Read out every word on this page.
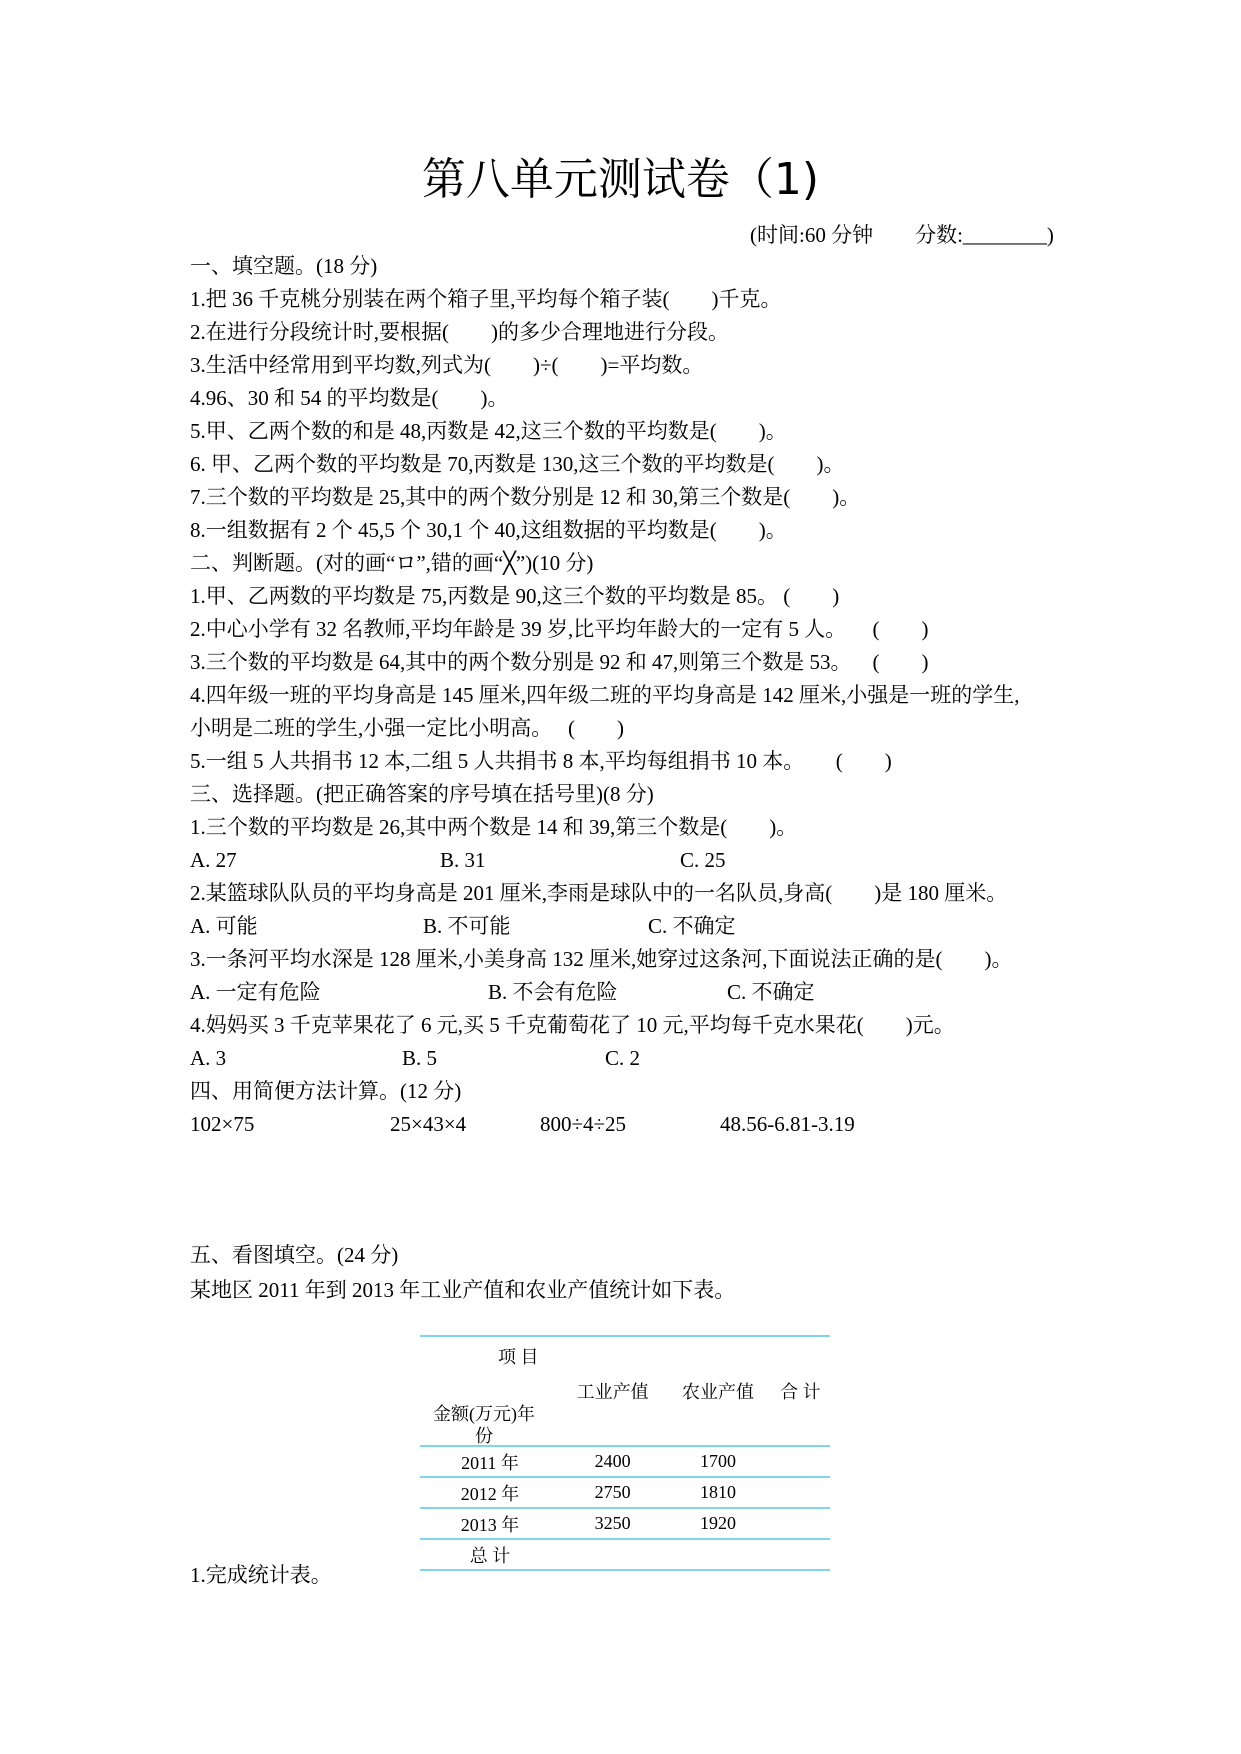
第八单元测试卷（1)
(时间:60 分钟        分数:________)
一、填空题。(18 分)
1.把 36 千克桃分别装在两个箱子里,平均每个箱子装(        )千克。
2.在进行分段统计时,要根据(        )的多少合理地进行分段。
3.生活中经常用到平均数,列式为(        )÷(        )=平均数。
4.96、30 和 54 的平均数是(        )。
5.甲、乙两个数的和是 48,丙数是 42,这三个数的平均数是(        )。
6. 甲、乙两个数的平均数是 70,丙数是 130,这三个数的平均数是(        )。
7.三个数的平均数是 25,其中的两个数分别是 12 和 30,第三个数是(        )。
8.一组数据有 2 个 45,5 个 30,1 个 40,这组数据的平均数是(        )。
二、判断题。(对的画“ロ”,错的画“╳”)(10 分)
1.甲、乙两数的平均数是 75,丙数是 90,这三个数的平均数是 85。 (        )
2.中心小学有 32 名教师,平均年龄是 39 岁,比平均年龄大的一定有 5 人。     (        )
3.三个数的平均数是 64,其中的两个数分别是 92 和 47,则第三个数是 53。    (        )
4.四年级一班的平均身高是 145 厘米,四年级二班的平均身高是 142 厘米,小强是一班的学生,
小明是二班的学生,小强一定比小明高。   (        )
5.一组 5 人共捐书 12 本,二组 5 人共捐书 8 本,平均每组捐书 10 本。      (        )
三、选择题。(把正确答案的序号填在括号里)(8 分)
1.三个数的平均数是 26,其中两个数是 14 和 39,第三个数是(        )。
A. 27	B. 31	C. 25
2.某篮球队队员的平均身高是 201 厘米,李雨是球队中的一名队员,身高(        )是 180 厘米。
A. 可能	B. 不可能	C. 不确定
3.一条河平均水深是 128 厘米,小美身高 132 厘米,她穿过这条河,下面说法正确的是(        )。
A. 一定有危险	B. 不会有危险	C. 不确定
4.妈妈买 3 千克苹果花了 6 元,买 5 千克葡萄花了 10 元,平均每千克水果花(        )元。
A. 3	B. 5	C. 2
四、用简便方法计算。(12 分)
102×75	25×43×4	800÷4÷25	48.56-6.81-3.19
五、看图填空。(24 分)
某地区 2011 年到 2013 年工业产值和农业产值统计如下表。
项 目
金额(万元)年份	工业产值	农业产值	合 计
2011 年	2400	1700	
2012 年	2750	1810	
2013 年	3250	1920	
总 计			
1.完成统计表。
